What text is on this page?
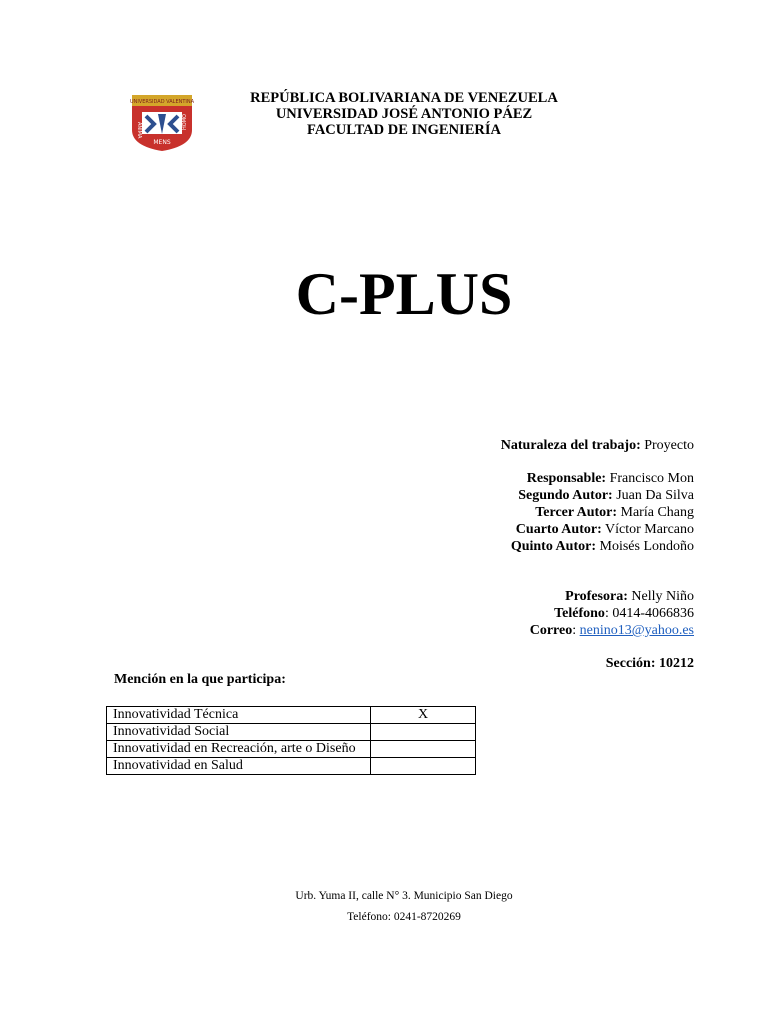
UNIVERSIDAD VALENTINA
ANIMA	HOMO
MENS
REPÚBLICA BOLIVARIANA DE VENEZUELA
UNIVERSIDAD JOSÉ ANTONIO PÁEZ
FACULTAD DE INGENIERÍA
C-PLUS
Naturaleza del trabajo: Proyecto
Responsable: Francisco Mon
Segundo Autor: Juan Da Silva
Tercer Autor: María Chang
Cuarto Autor: Víctor Marcano
Quinto Autor: Moisés Londoño
Profesora: Nelly Niño
Teléfono: 0414-4066836
Correo: nenino13@yahoo.es
Sección: 10212
Mención en la que participa:
Innovatividad Técnica	X
Innovatividad Social	
Innovatividad en Recreación, arte o Diseño	
Innovatividad en Salud	
Urb. Yuma II, calle N° 3. Municipio San Diego
Teléfono: 0241-8720269
